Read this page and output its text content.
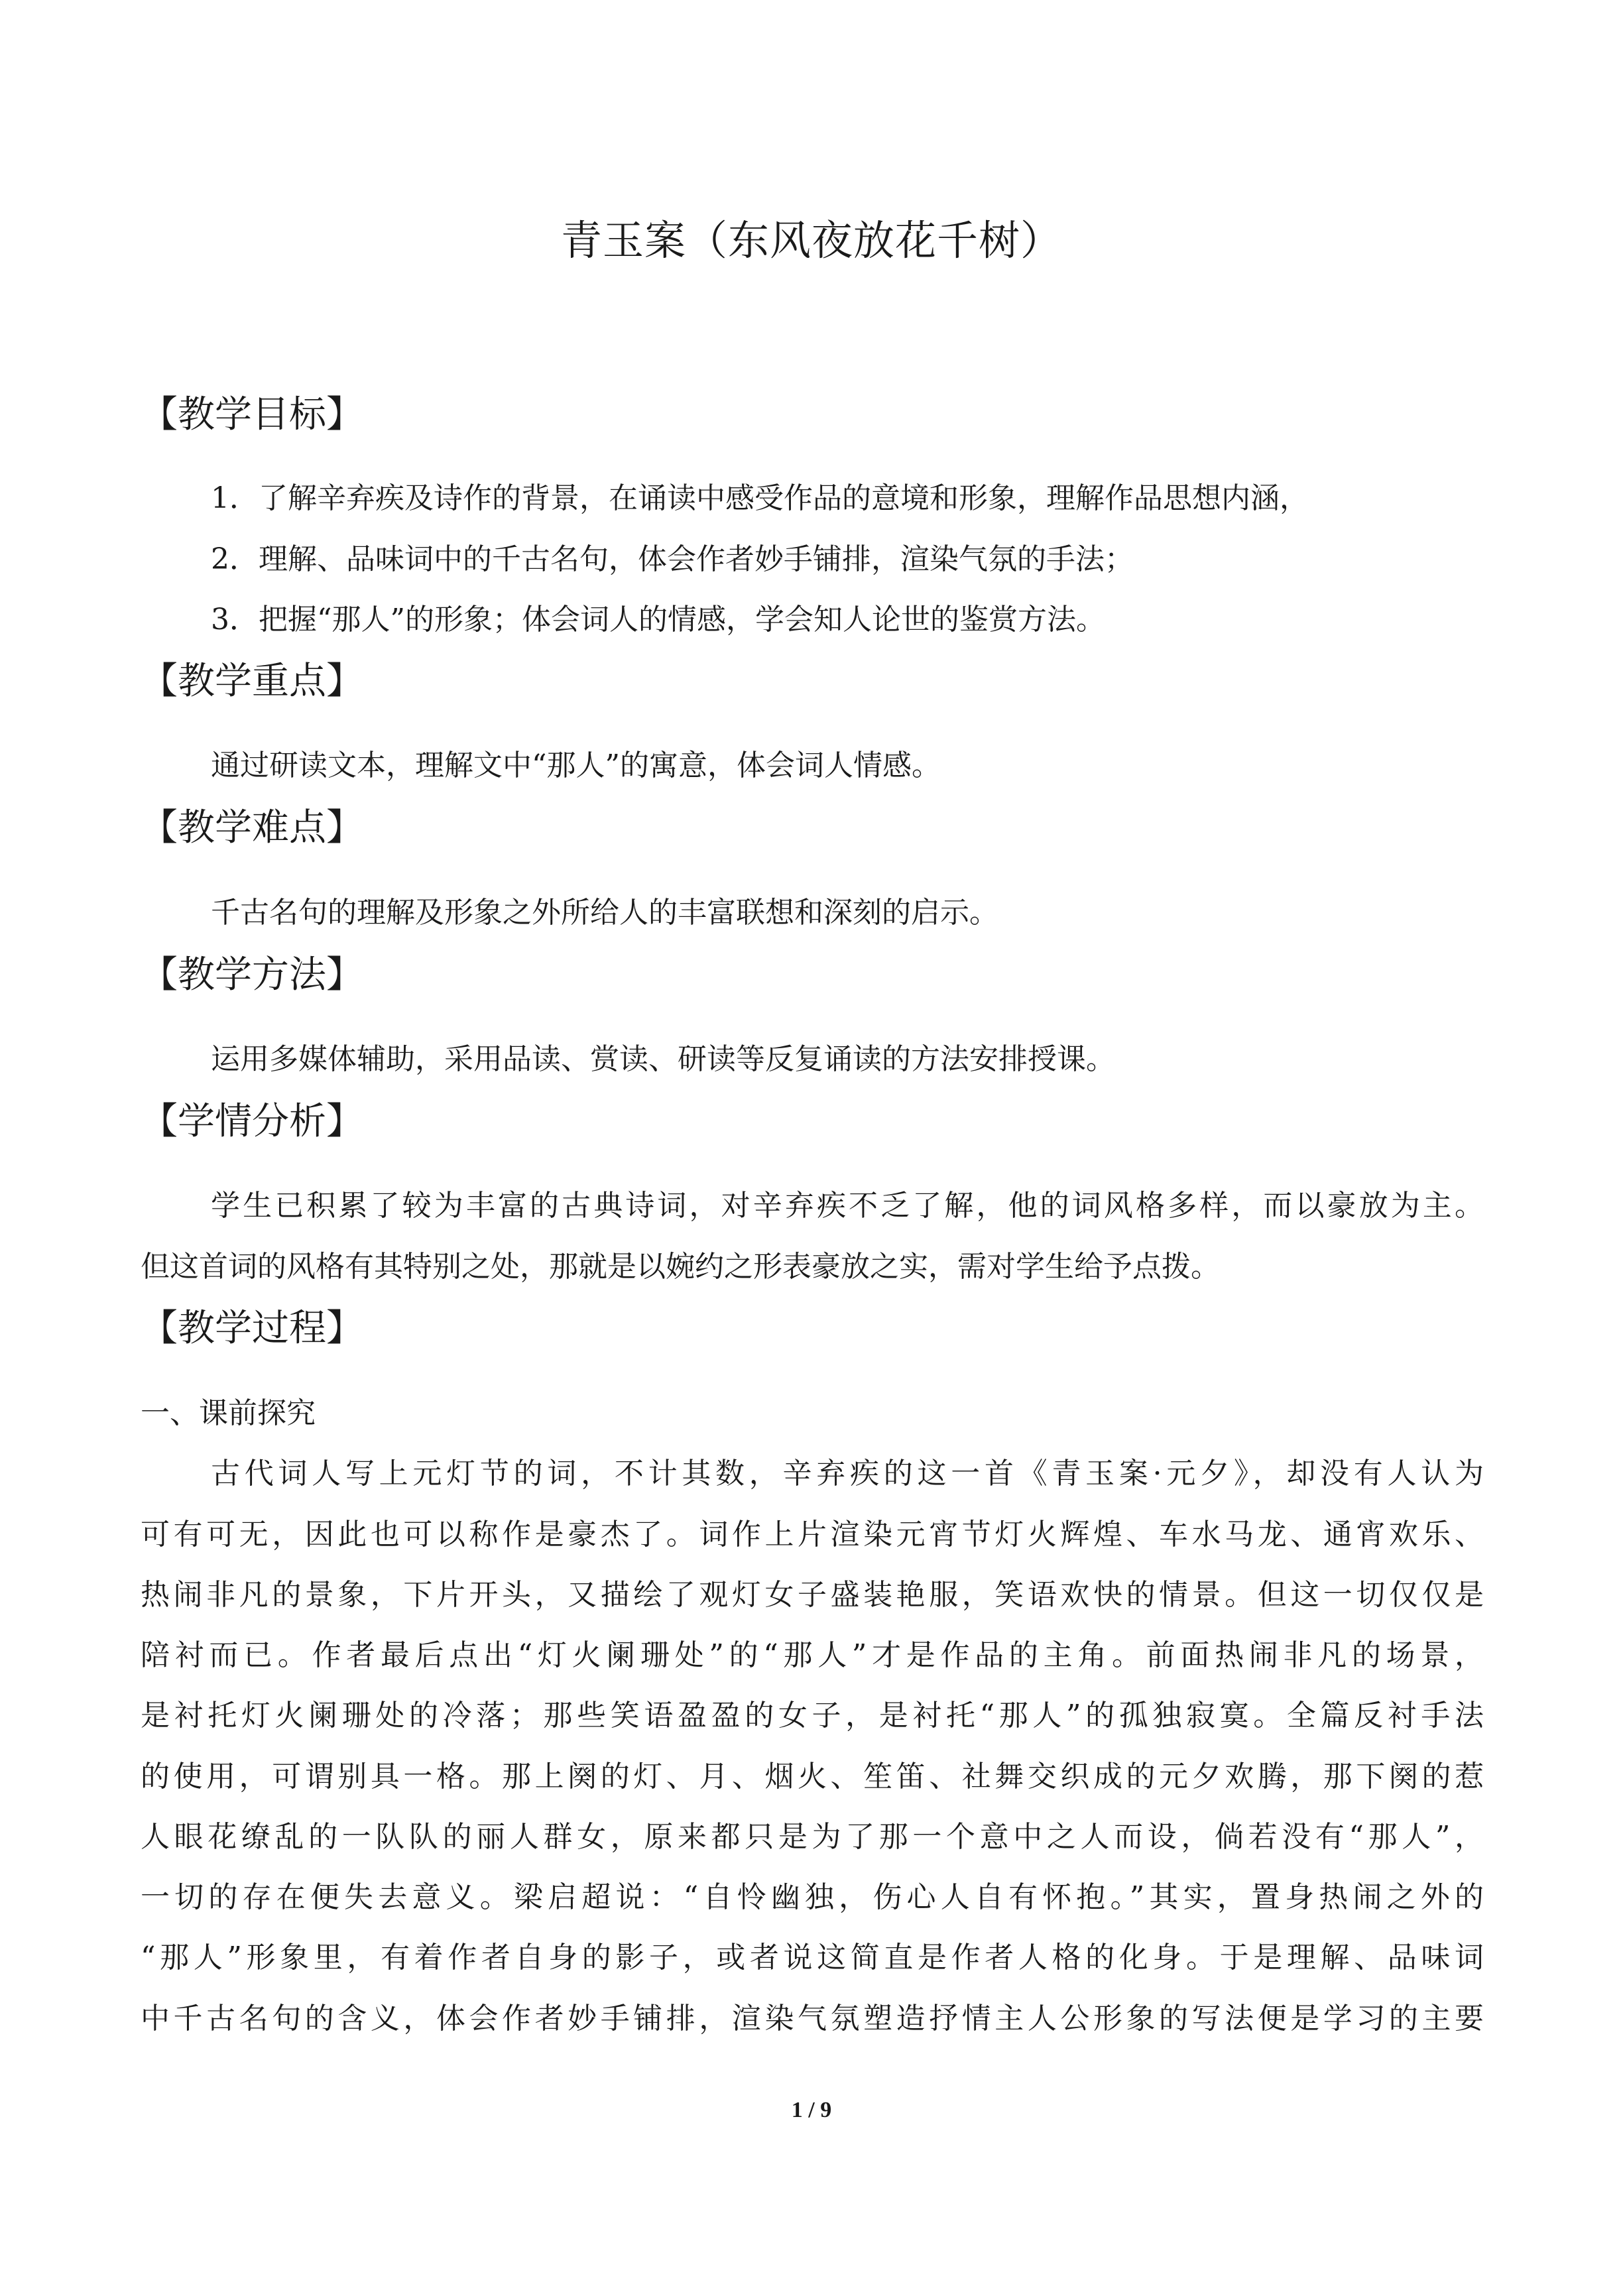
青玉案（东风夜放花千树）
【教学目标】
1．了解辛弃疾及诗作的背景，在诵读中感受作品的意境和形象，理解作品思想内涵，
2．理解、品味词中的千古名句，体会作者妙手铺排，渲染气氛的手法；
3．把握“那人”的形象；体会词人的情感，学会知人论世的鉴赏方法。
【教学重点】
通过研读文本，理解文中“那人”的寓意，体会词人情感。
【教学难点】
千古名句的理解及形象之外所给人的丰富联想和深刻的启示。
【教学方法】
运用多媒体辅助，采用品读、赏读、研读等反复诵读的方法安排授课。
【学情分析】
学生已积累了较为丰富的古典诗词，对辛弃疾不乏了解，他的词风格多样，而以豪放为主。
但这首词的风格有其特别之处，那就是以婉约之形表豪放之实，需对学生给予点拨。
【教学过程】
一、课前探究
古代词人写上元灯节的词，不计其数，辛弃疾的这一首《青玉案·元夕》，却没有人认为
可有可无，因此也可以称作是豪杰了。词作上片渲染元宵节灯火辉煌、车水马龙、通宵欢乐、
热闹非凡的景象，下片开头，又描绘了观灯女子盛装艳服，笑语欢快的情景。但这一切仅仅是
陪衬而已。作者最后点出“灯火阑珊处”的“那人”才是作品的主角。前面热闹非凡的场景，
是衬托灯火阑珊处的冷落；那些笑语盈盈的女子，是衬托“那人”的孤独寂寞。全篇反衬手法
的使用，可谓别具一格。那上阕的灯、月、烟火、笙笛、社舞交织成的元夕欢腾，那下阕的惹
人眼花缭乱的一队队的丽人群女，原来都只是为了那一个意中之人而设，倘若没有“那人”，
一切的存在便失去意义。梁启超说：“自怜幽独，伤心人自有怀抱。”其实，置身热闹之外的
“那人”形象里，有着作者自身的影子，或者说这简直是作者人格的化身。于是理解、品味词
中千古名句的含义，体会作者妙手铺排，渲染气氛塑造抒情主人公形象的写法便是学习的主要
1 / 9
